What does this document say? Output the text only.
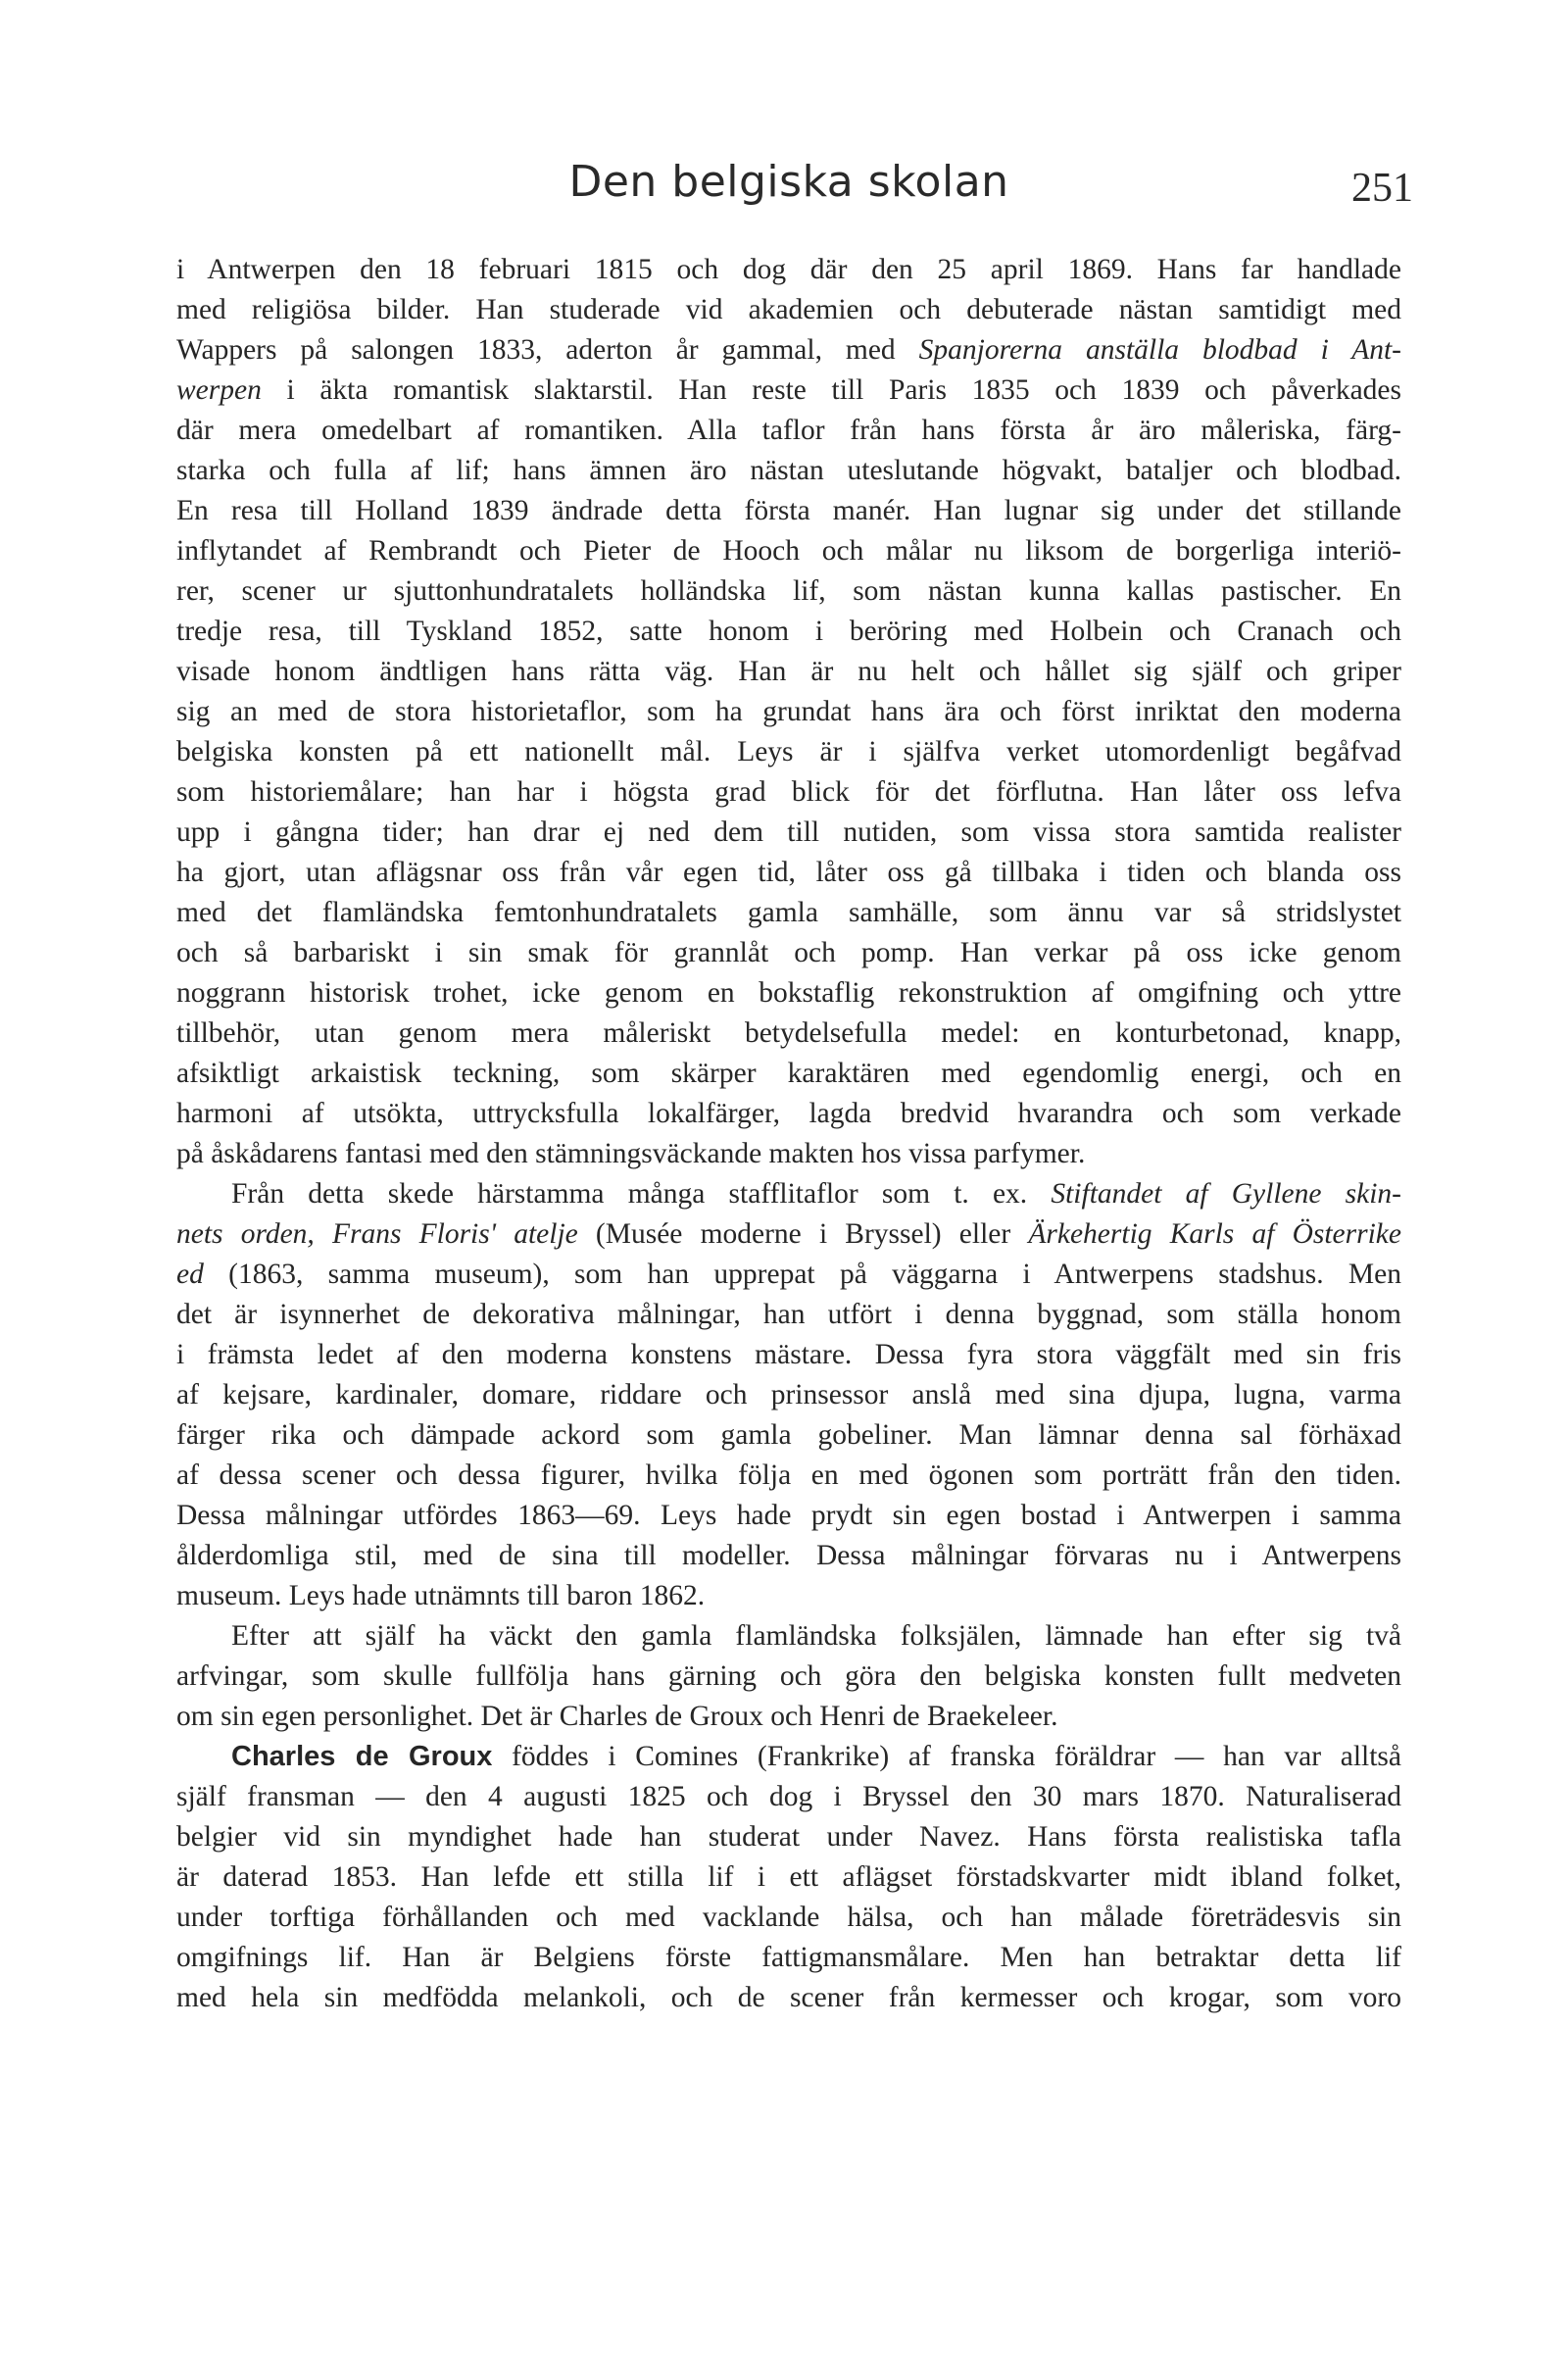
Den belgiska skolan	251
i Antwerpen den 18 februari 1815 och dog där den 25 april 1869. Hans far handlade
med religiösa bilder. Han studerade vid akademien och debuterade nästan samtidigt med
Wappers på salongen 1833, aderton år gammal, med Spanjorerna anställa blodbad i Ant-
werpen i äkta romantisk slaktarstil. Han reste till Paris 1835 och 1839 och påverkades
där mera omedelbart af romantiken. Alla taflor från hans första år äro måleriska, färg-
starka och fulla af lif; hans ämnen äro nästan uteslutande högvakt, bataljer och blodbad.
En resa till Holland 1839 ändrade detta första manér. Han lugnar sig under det stillande
inflytandet af Rembrandt och Pieter de Hooch och målar nu liksom de borgerliga interiö-
rer, scener ur sjuttonhundratalets holländska lif, som nästan kunna kallas pastischer. En
tredje resa, till Tyskland 1852, satte honom i beröring med Holbein och Cranach och
visade honom ändtligen hans rätta väg. Han är nu helt och hållet sig själf och griper
sig an med de stora historietaflor, som ha grundat hans ära och först inriktat den moderna
belgiska konsten på ett nationellt mål. Leys är i själfva verket utomordenligt begåfvad
som historiemålare; han har i högsta grad blick för det förflutna. Han låter oss lefva
upp i gångna tider; han drar ej ned dem till nutiden, som vissa stora samtida realister
ha gjort, utan aflägsnar oss från vår egen tid, låter oss gå tillbaka i tiden och blanda oss
med det flamländska femtonhundratalets gamla samhälle, som ännu var så stridslystet
och så barbariskt i sin smak för grannlåt och pomp. Han verkar på oss icke genom
noggrann historisk trohet, icke genom en bokstaflig rekonstruktion af omgifning och yttre
tillbehör, utan genom mera måleriskt betydelsefulla medel: en konturbetonad, knapp,
afsiktligt arkaistisk teckning, som skärper karaktären med egendomlig energi, och en
harmoni af utsökta, uttrycksfulla lokalfärger, lagda bredvid hvarandra och som verkade
på åskådarens fantasi med den stämningsväckande makten hos vissa parfymer.
Från detta skede härstamma många stafflitaflor som t. ex. Stiftandet af Gyllene skin-
nets orden, Frans Floris' atelje (Musée moderne i Bryssel) eller Ärkehertig Karls af Österrike
ed (1863, samma museum), som han upprepat på väggarna i Antwerpens stadshus. Men
det är isynnerhet de dekorativa målningar, han utfört i denna byggnad, som ställa honom
i främsta ledet af den moderna konstens mästare. Dessa fyra stora väggfält med sin fris
af kejsare, kardinaler, domare, riddare och prinsessor anslå med sina djupa, lugna, varma
färger rika och dämpade ackord som gamla gobeliner. Man lämnar denna sal förhäxad
af dessa scener och dessa figurer, hvilka följa en med ögonen som porträtt från den tiden.
Dessa målningar utfördes 1863—69. Leys hade prydt sin egen bostad i Antwerpen i samma
ålderdomliga stil, med de sina till modeller. Dessa målningar förvaras nu i Antwerpens
museum. Leys hade utnämnts till baron 1862.
Efter att själf ha väckt den gamla flamländska folksjälen, lämnade han efter sig två
arfvingar, som skulle fullfölja hans gärning och göra den belgiska konsten fullt medveten
om sin egen personlighet. Det är Charles de Groux och Henri de Braekeleer.
Charles de Groux föddes i Comines (Frankrike) af franska föräldrar — han var alltså
själf fransman — den 4 augusti 1825 och dog i Bryssel den 30 mars 1870. Naturaliserad
belgier vid sin myndighet hade han studerat under Navez. Hans första realistiska tafla
är daterad 1853. Han lefde ett stilla lif i ett aflägset förstadskvarter midt ibland folket,
under torftiga förhållanden och med vacklande hälsa, och han målade företrädesvis sin
omgifnings lif. Han är Belgiens förste fattigmansmålare. Men han betraktar detta lif
med hela sin medfödda melankoli, och de scener från kermesser och krogar, som voro
